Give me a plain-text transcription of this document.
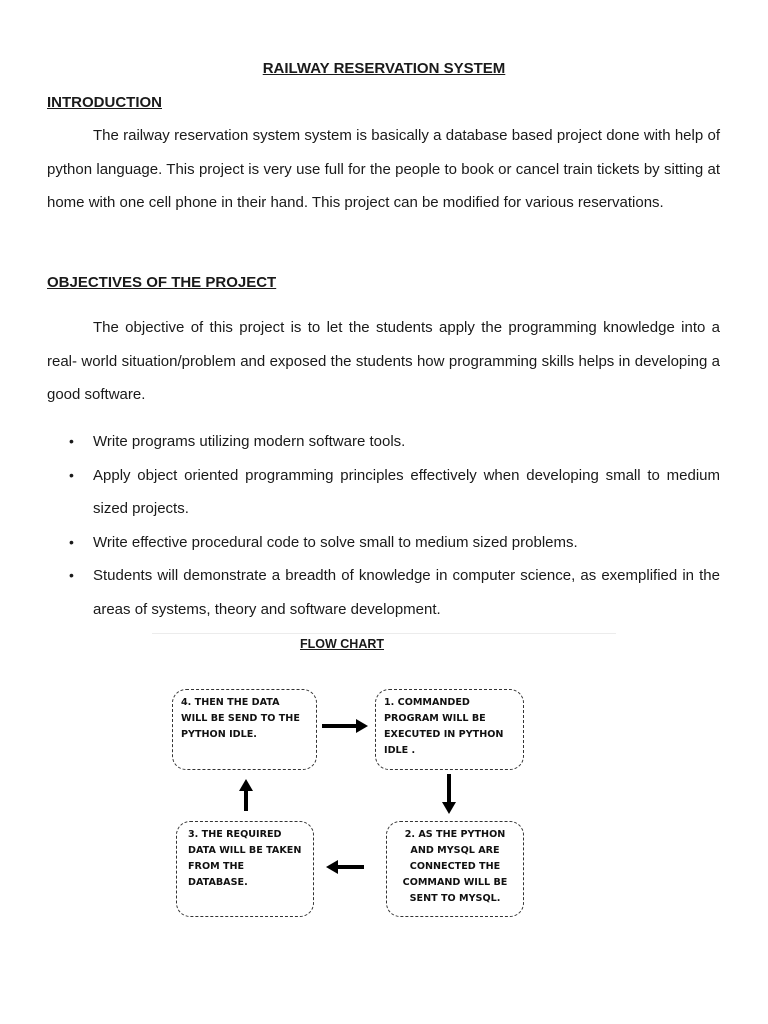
RAILWAY RESERVATION SYSTEM
INTRODUCTION

The railway reservation system system is basically a database based project done with help of python language. This project is very use full for the people to book or cancel train tickets by sitting at home with one cell phone in their hand. This project can be modified for various reservations.

OBJECTIVES OF THE PROJECT

The objective of this project is to let the students apply the programming knowledge into a real- world situation/problem and exposed the students how programming skills helps in developing a good software.

• Write programs utilizing modern software tools.
• Apply object oriented programming principles effectively when developing small to medium sized projects.
• Write effective procedural code to solve small to medium sized problems.
• Students will demonstrate a breadth of knowledge in computer science, as exemplified in the areas of systems, theory and software development.
FLOW CHART
4. THEN THE DATA WILL BE SEND TO THE PYTHON IDLE.
1. COMMANDED PROGRAM WILL BE EXECUTED IN PYTHON IDLE .
2. AS THE PYTHON AND MYSQL ARE CONNECTED THE COMMAND WILL BE SENT TO MYSQL.
3. THE REQUIRED DATA WILL BE TAKEN FROM THE DATABASE.
